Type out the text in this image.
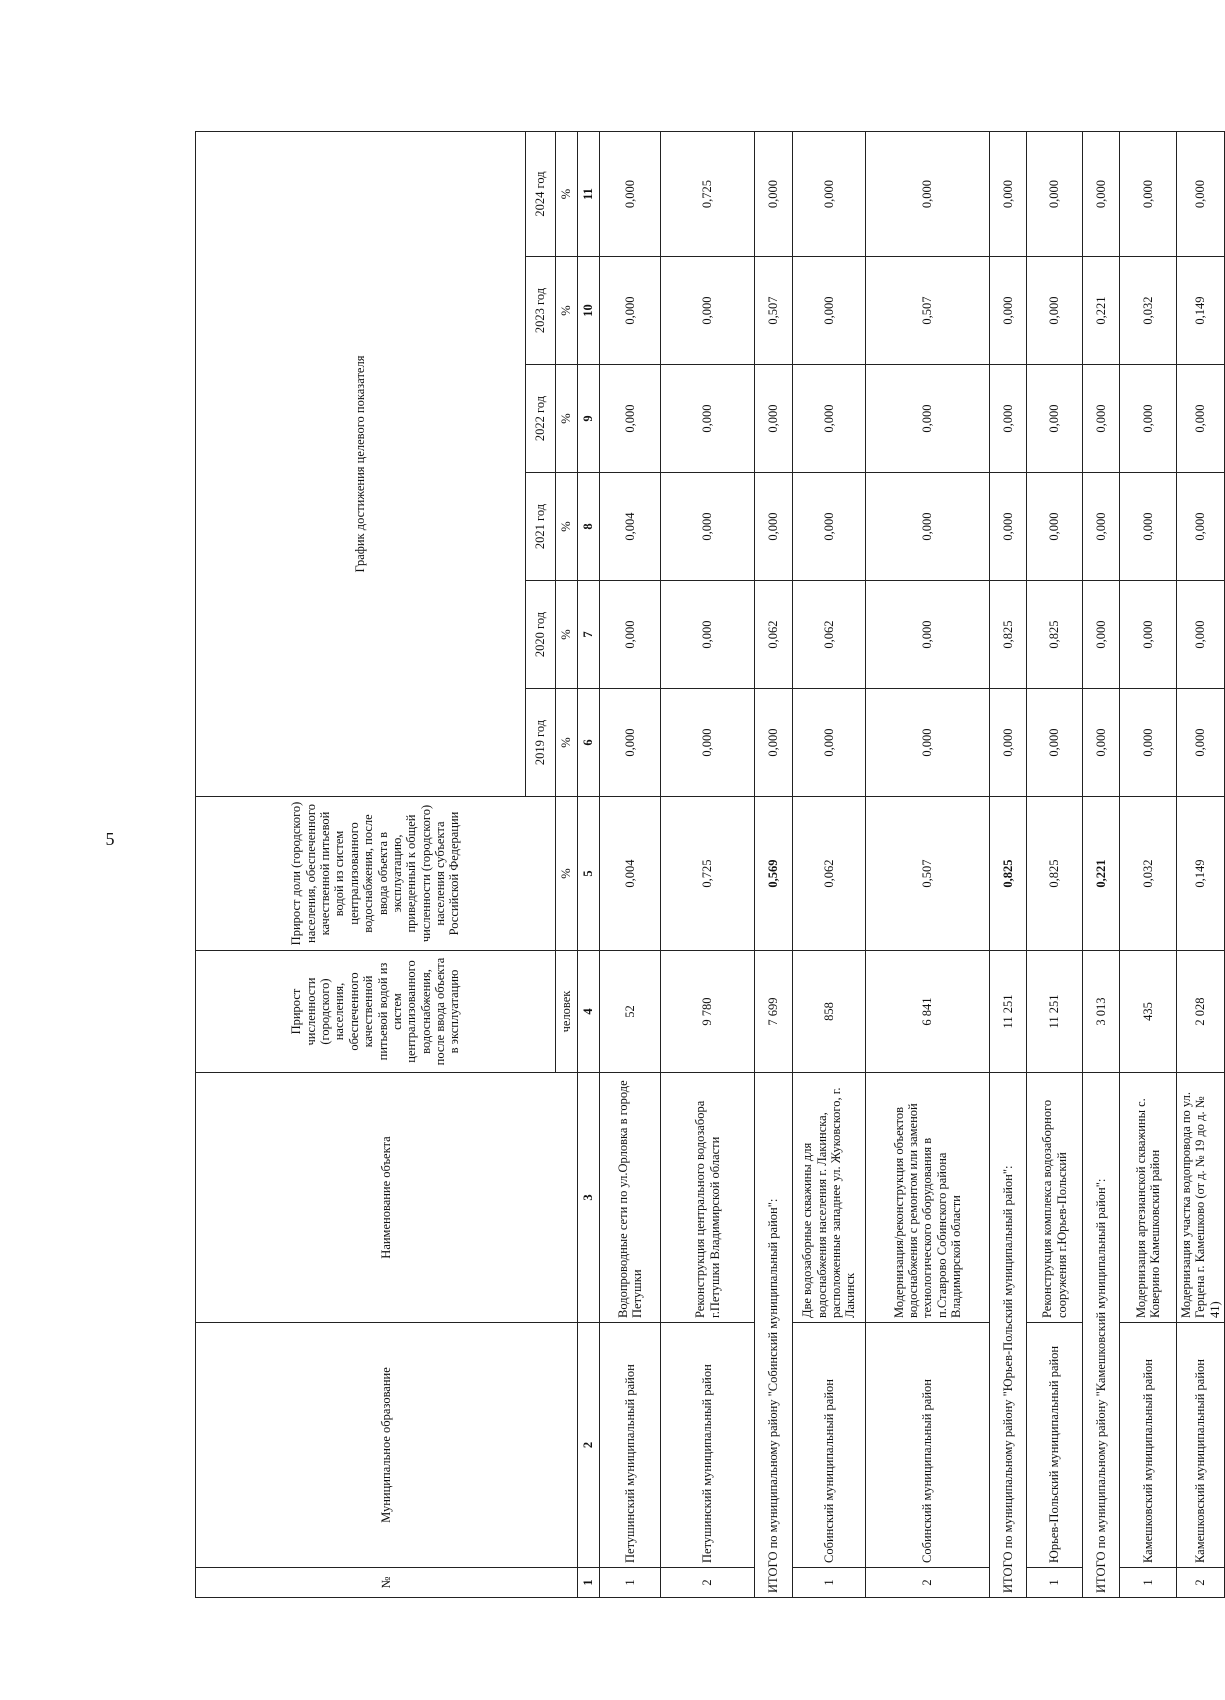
5
№	Муниципальное образование	Наименование объекта	Прирост численности (городского) населения, обеспеченного качественной питьевой водой из систем централизованного водоснабжения, после ввода объекта в эксплуатацию	Прирост доли (городского) населения, обеспеченного качественной питьевой водой из систем централизованного водоснабжения, после ввода объекта в эксплуатацию, приведенный к общей численности (городского) населения субъекта Российской Федерации	График достижения целевого показателя					
					2019 год	2020 год	2021 год	2022 год	2023 год	2024 год
			человек	%	%	%	%	%	%	%
1	2	3	4	5	6	7	8	9	10	11
1	Петушинский муниципальный район	Водопроводные сети по ул.Орловка в городе Петушки	52	0,004	0,000	0,000	0,004	0,000	0,000	0,000
2	Петушинский муниципальный район	Реконструкция центрального водозабора г.Петушки Владимирской области	9 780	0,725	0,000	0,000	0,000	0,000	0,000	0,725
ИТОГО по муниципальному району "Собинский муниципальный район":			7 699	0,569	0,000	0,062	0,000	0,000	0,507	0,000
1	Собинский муниципальный район	Две водозаборные скважины для водоснабжения населения г. Лакинска, расположенные западнее ул. Жуковского, г. Лакинск	858	0,062	0,000	0,062	0,000	0,000	0,000	0,000
2	Собинский муниципальный район	Модернизация/реконструкция объектов водоснабжения с ремонтом или заменой технологического оборудования в п.Ставрово Собинского района Владимирской области	6 841	0,507	0,000	0,000	0,000	0,000	0,507	0,000
ИТОГО по муниципальному району "Юрьев-Польский муниципальный район":			11 251	0,825	0,000	0,825	0,000	0,000	0,000	0,000
1	Юрьев-Польский муниципальный район	Реконструкция комплекса водозаборного сооружения г.Юрьев-Польский	11 251	0,825	0,000	0,825	0,000	0,000	0,000	0,000
ИТОГО по муниципальному району "Камешковский муниципальный район":			3 013	0,221	0,000	0,000	0,000	0,000	0,221	0,000
1	Камешковский муниципальный район	Модернизация артезианской скважины с. Коверино Камешковский район	435	0,032	0,000	0,000	0,000	0,000	0,032	0,000
2	Камешковский муниципальный район	Модернизация участка водопровода по ул. Герцена г. Камешково (от д. № 19 до д. № 41)	2 028	0,149	0,000	0,000	0,000	0,000	0,149	0,000
